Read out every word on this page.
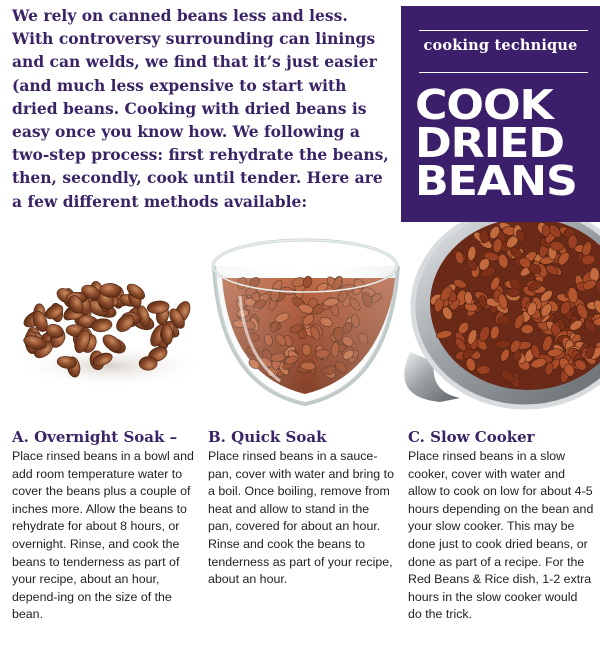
We rely on canned beans less and less. With controversy surrounding can linings and can welds, we find that it’s just easier (and much less expensive to start with dried beans. Cooking with dried beans is easy once you know how. We following a two-step process: first rehydrate the beans, then, secondly, cook until tender. Here are a few different methods available:

cooking technique
COOK
DRIED
BEANS
A. Overnight Soak –

Place rinsed beans in a bowl and add room temperature water to cover the beans plus a couple of inches more. Allow the beans to rehydrate for about 8 hours, or overnight. Rinse, and cook the beans to tenderness as part of your recipe, about an hour, depend-ing on the size of the bean.

B. Quick Soak

Place rinsed beans in a sauce-pan, cover with water and bring to a boil. Once boiling, remove from heat and allow to stand in the pan, covered for about an hour. Rinse and cook the beans to tenderness as part of your recipe, about an hour.

C. Slow Cooker

Place rinsed beans in a slow cooker, cover with water and allow to cook on low for about 4-5 hours depending on the bean and your slow cooker. This may be done just to cook dried beans, or done as part of a recipe. For the Red Beans & Rice dish, 1-2 extra hours in the slow cooker would do the trick.
